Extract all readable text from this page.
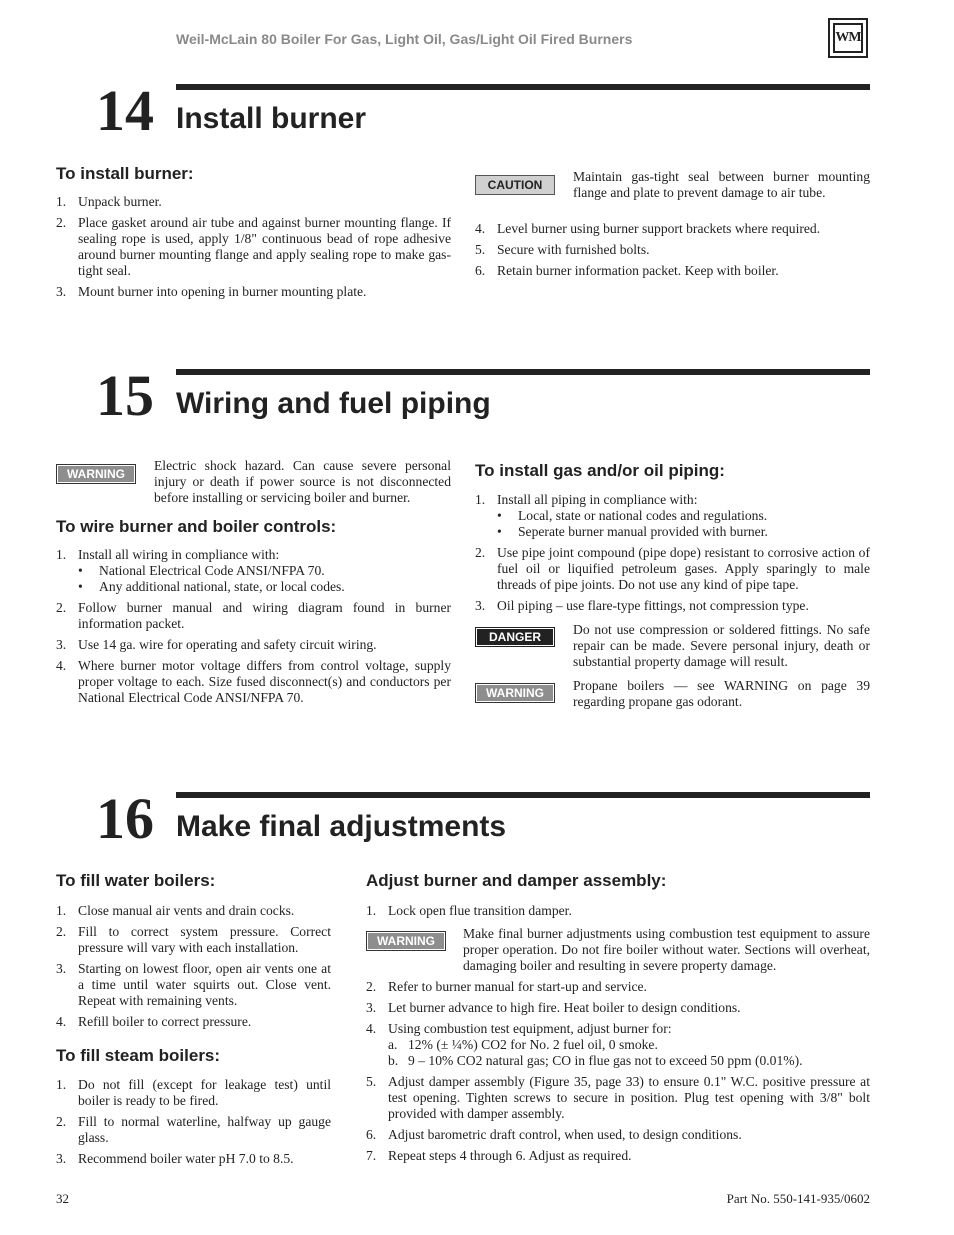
Weil-McLain 80 Boiler For Gas, Light Oil, Gas/Light Oil Fired Burners	WM
14 Install burner
To install burner:
1. Unpack burner.
2. Place gasket around air tube and against burner mounting flange. If sealing rope is used, apply 1/8" continuous bead of rope adhesive around burner mounting flange and apply sealing rope to make gas-tight seal.
3. Mount burner into opening in burner mounting plate.
CAUTION
Maintain gas-tight seal between burner mounting flange and plate to prevent damage to air tube.
4. Level burner using burner support brackets where required.
5. Secure with furnished bolts.
6. Retain burner information packet. Keep with boiler.
15 Wiring and fuel piping
WARNING
Electric shock hazard. Can cause severe personal injury or death if power source is not disconnected before installing or servicing boiler and burner.
To wire burner and boiler controls:
1. Install all wiring in compliance with:
• National Electrical Code ANSI/NFPA 70.
• Any additional national, state, or local codes.
2. Follow burner manual and wiring diagram found in burner information packet.
3. Use 14 ga. wire for operating and safety circuit wiring.
4. Where burner motor voltage differs from control voltage, supply proper voltage to each. Size fused disconnect(s) and conductors per National Electrical Code ANSI/NFPA 70.
To install gas and/or oil piping:
1. Install all piping in compliance with:
• Local, state or national codes and regulations.
• Seperate burner manual provided with burner.
2. Use pipe joint compound (pipe dope) resistant to corrosive action of fuel oil or liquified petroleum gases. Apply sparingly to male threads of pipe joints. Do not use any kind of pipe tape.
3. Oil piping – use flare-type fittings, not compression type.
DANGER	Do not use compression or soldered fittings. No safe repair can be made. Severe personal injury, death or substantial property damage will result.
WARNING	Propane boilers — see WARNING on page 39 regarding propane gas odorant.
16 Make final adjustments
To fill water boilers:
1. Close manual air vents and drain cocks.
2. Fill to correct system pressure. Correct pressure will vary with each installation.
3. Starting on lowest floor, open air vents one at a time until water squirts out. Close vent. Repeat with remaining vents.
4. Refill boiler to correct pressure.
To fill steam boilers:
1. Do not fill (except for leakage test) until boiler is ready to be fired.
2. Fill to normal waterline, halfway up gauge glass.
3. Recommend boiler water pH 7.0 to 8.5.
Adjust burner and damper assembly:
1. Lock open flue transition damper.
WARNING	Make final burner adjustments using combustion test equipment to assure proper operation. Do not fire boiler without water. Sections will overheat, damaging boiler and resulting in severe property damage.
2. Refer to burner manual for start-up and service.
3. Let burner advance to high fire. Heat boiler to design conditions.
4. Using combustion test equipment, adjust burner for:
a. 12% (± ¼%) CO2 for No. 2 fuel oil, 0 smoke.
b. 9 – 10% CO2 natural gas; CO in flue gas not to exceed 50 ppm (0.01%).
5. Adjust damper assembly (Figure 35, page 33) to ensure 0.1" W.C. positive pressure at test opening. Tighten screws to secure in position. Plug test opening with 3/8" bolt provided with damper assembly.
6. Adjust barometric draft control, when used, to design conditions.
7. Repeat steps 4 through 6. Adjust as required.
32	Part No. 550-141-935/0602
